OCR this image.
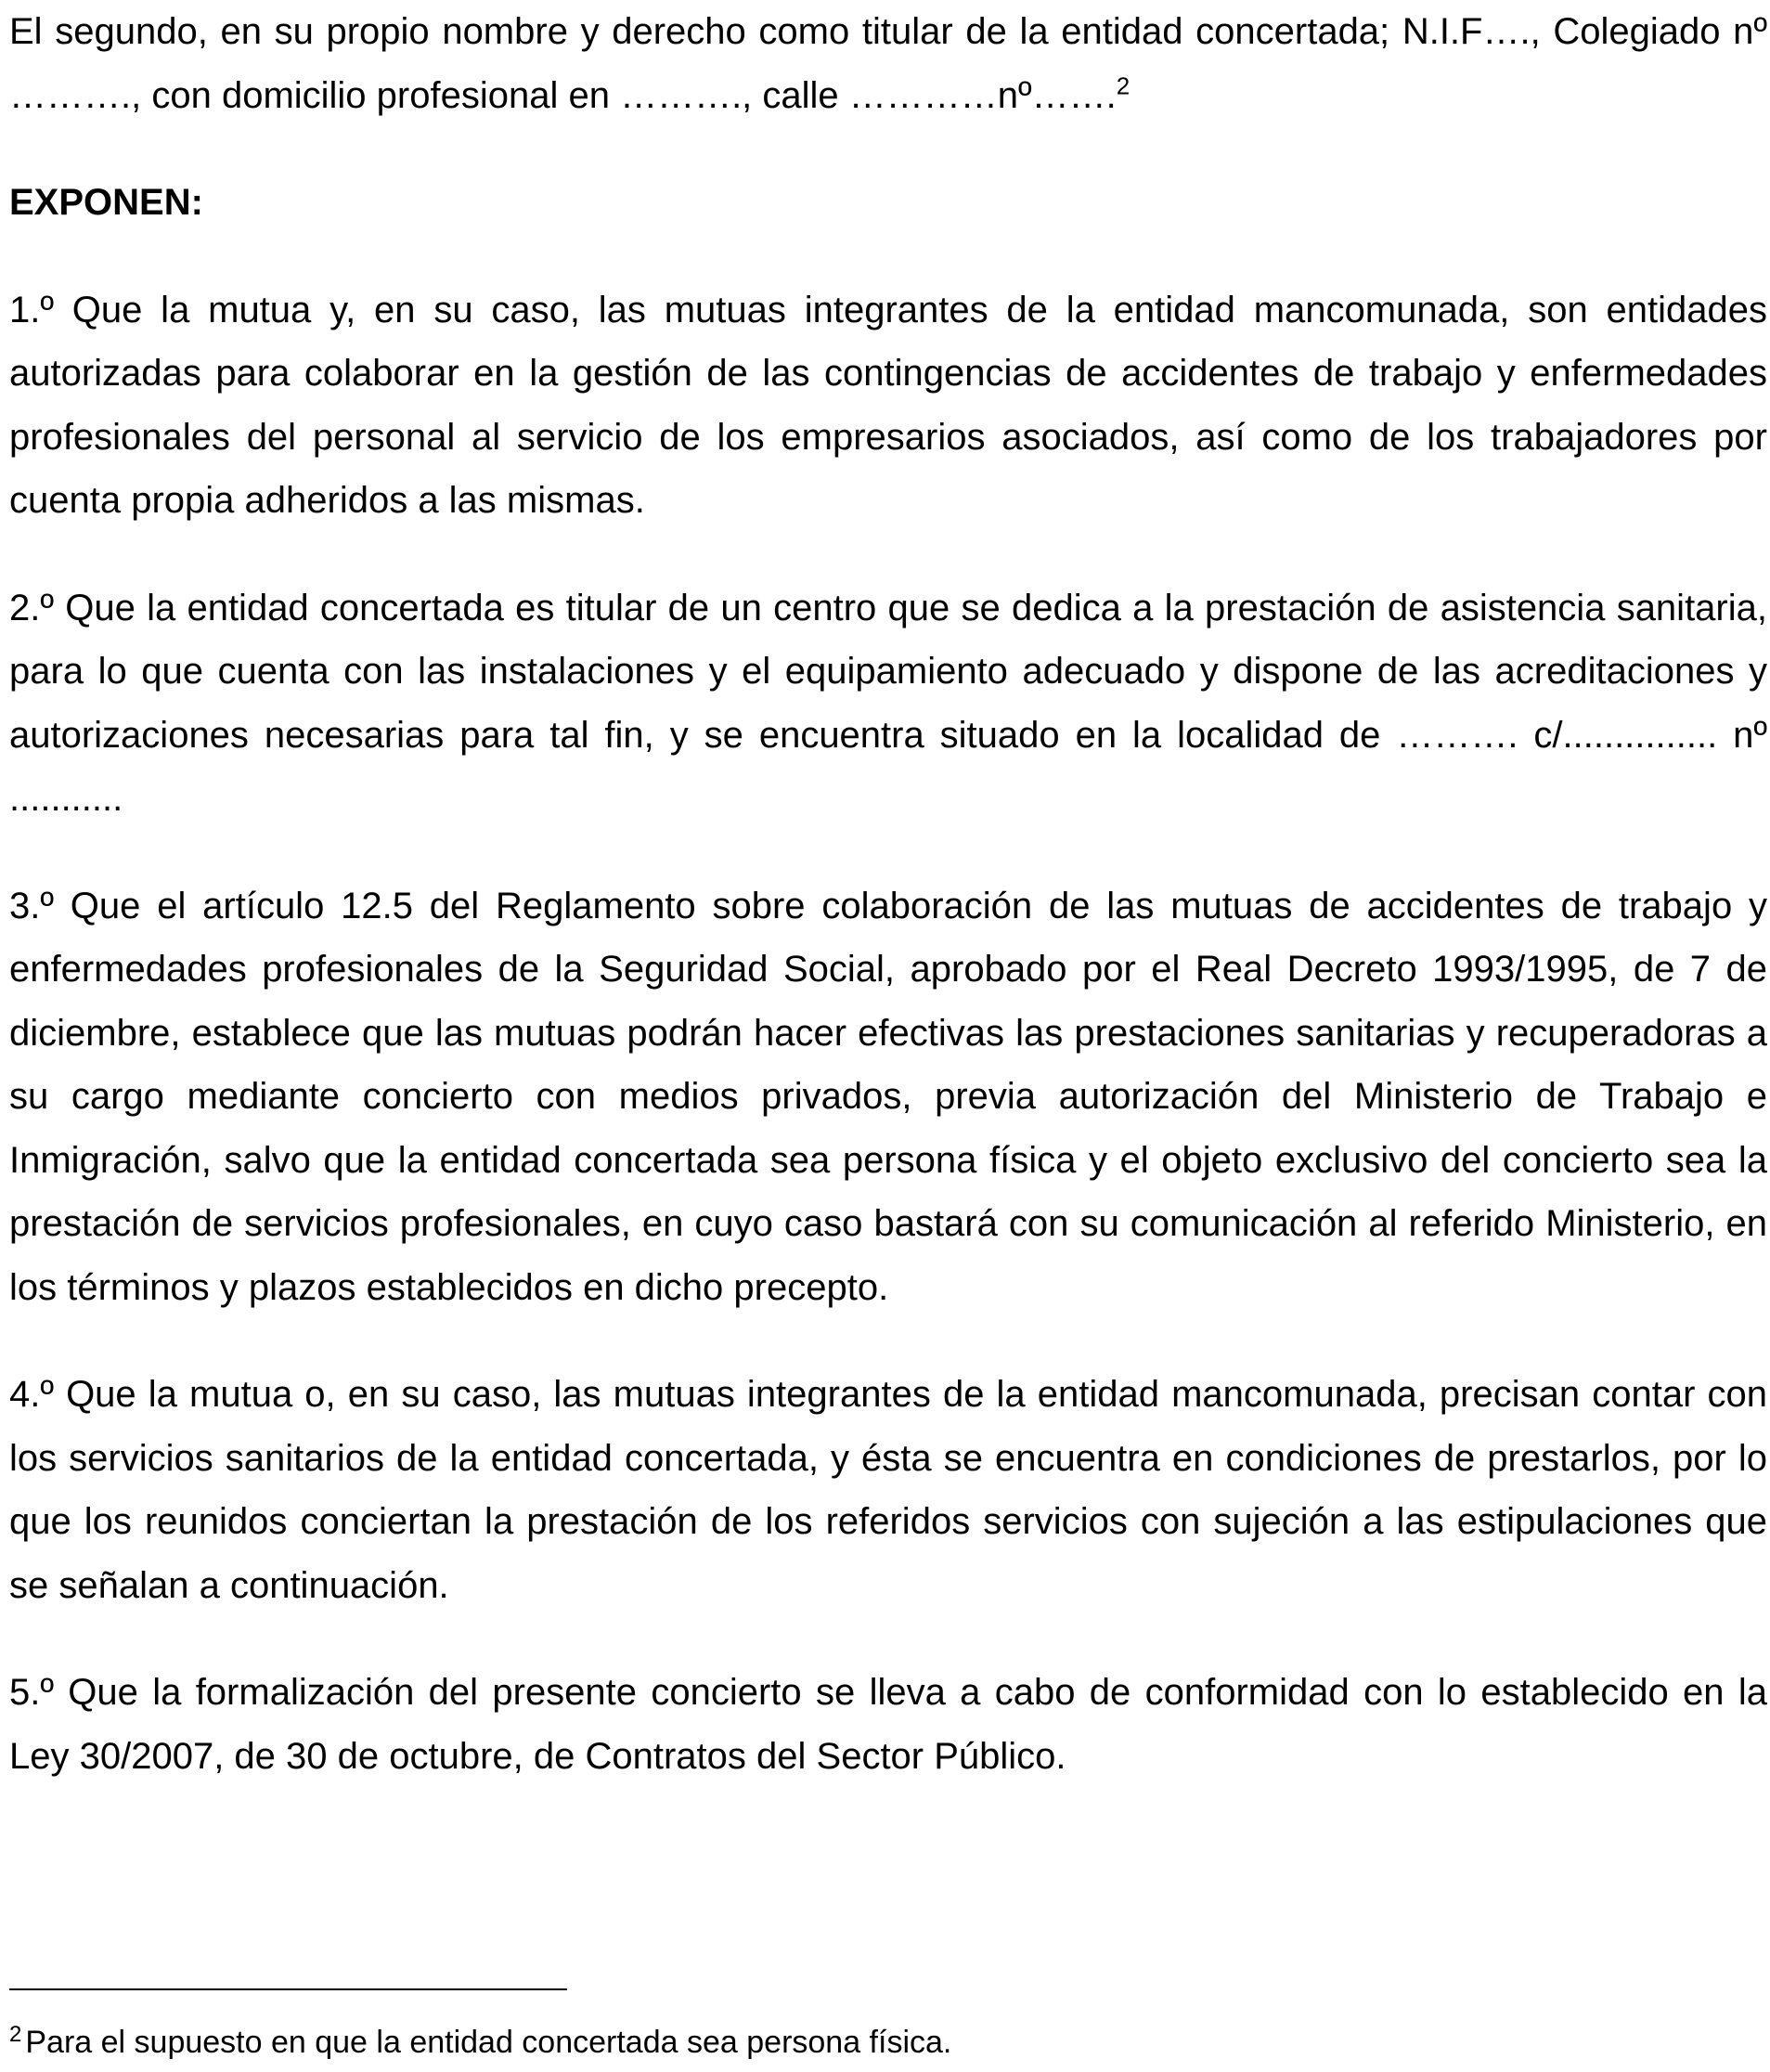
El segundo, en su propio nombre y derecho como titular de la entidad concertada; N.I.F…., Colegiado nº ………., con domicilio profesional en ………., calle …………nº…….$^2$

EXPONEN:

1.º Que la mutua y, en su caso, las mutuas integrantes de la entidad mancomunada, son entidades autorizadas para colaborar en la gestión de las contingencias de accidentes de trabajo y enfermedades profesionales del personal al servicio de los empresarios asociados, así como de los trabajadores por cuenta propia adheridos a las mismas.

2.º Que la entidad concertada es titular de un centro que se dedica a la prestación de asistencia sanitaria, para lo que cuenta con las instalaciones y el equipamiento adecuado y dispone de las acreditaciones y autorizaciones necesarias para tal fin, y se encuentra situado en la localidad de ………. c/............... nº ...........

3.º Que el artículo 12.5 del Reglamento sobre colaboración de las mutuas de accidentes de trabajo y enfermedades profesionales de la Seguridad Social, aprobado por el Real Decreto 1993/1995, de 7 de diciembre, establece que las mutuas podrán hacer efectivas las prestaciones sanitarias y recuperadoras a su cargo mediante concierto con medios privados, previa autorización del Ministerio de Trabajo e Inmigración, salvo que la entidad concertada sea persona física y el objeto exclusivo del concierto sea la prestación de servicios profesionales, en cuyo caso bastará con su comunicación al referido Ministerio, en los términos y plazos establecidos en dicho precepto.

4.º Que la mutua o, en su caso, las mutuas integrantes de la entidad mancomunada, precisan contar con los servicios sanitarios de la entidad concertada, y ésta se encuentra en condiciones de prestarlos, por lo que los reunidos conciertan la prestación de los referidos servicios con sujeción a las estipulaciones que se señalan a continuación.

5.º Que la formalización del presente concierto se lleva a cabo de conformidad con lo establecido en la Ley 30/2007, de 30 de octubre, de Contratos del Sector Público.

$^2$ Para el supuesto en que la entidad concertada sea persona física.
